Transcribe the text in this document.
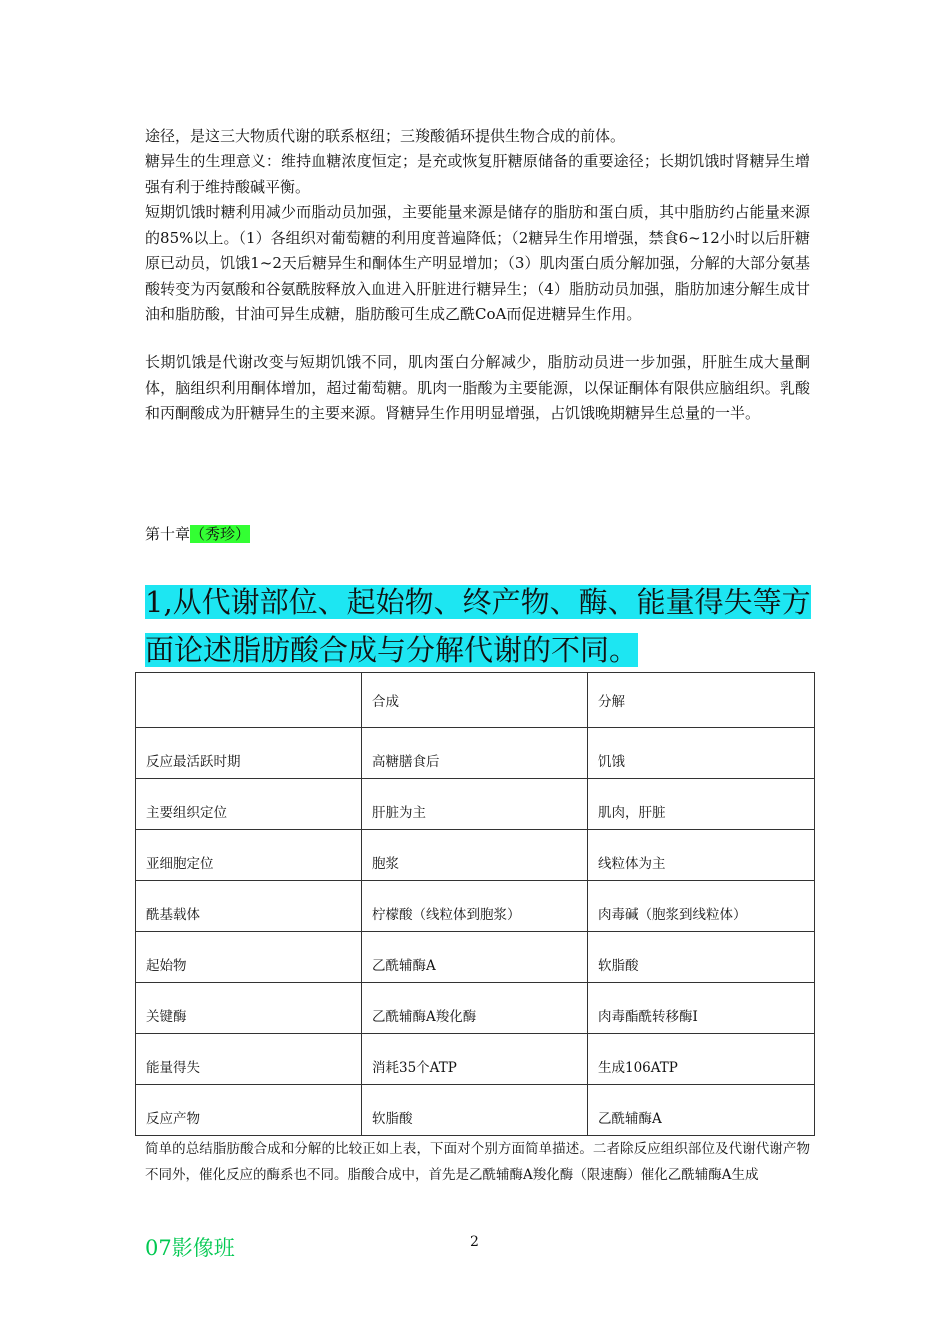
途径，是这三大物质代谢的联系枢纽；三羧酸循环提供生物合成的前体。

糖异生的生理意义：维持血糖浓度恒定；是充或恢复肝糖原储备的重要途径；长期饥饿时肾糖异生增强有利于维持酸碱平衡。

短期饥饿时糖利用减少而脂动员加强，主要能量来源是储存的脂肪和蛋白质，其中脂肪约占能量来源的85%以上。（1）各组织对葡萄糖的利用度普遍降低；（2糖异生作用增强，禁食6~12小时以后肝糖原已动员，饥饿1~2天后糖异生和酮体生产明显增加；（3）肌肉蛋白质分解加强，分解的大部分氨基酸转变为丙氨酸和谷氨酰胺释放入血进入肝脏进行糖异生；（4）脂肪动员加强，脂肪加速分解生成甘油和脂肪酸，甘油可异生成糖，脂肪酸可生成乙酰CoA而促进糖异生作用。

长期饥饿是代谢改变与短期饥饿不同，肌肉蛋白分解减少，脂肪动员进一步加强，肝脏生成大量酮体，脑组织利用酮体增加，超过葡萄糖。肌肉一脂酸为主要能源，以保证酮体有限供应脑组织。乳酸和丙酮酸成为肝糖异生的主要来源。肾糖异生作用明显增强，占饥饿晚期糖异生总量的一半。

第十章（秀珍）
1,从代谢部位、起始物、终产物、酶、能量得失等方面论述脂肪酸合成与分解代谢的不同。
	合成	分解
反应最活跃时期	高糖膳食后	饥饿
主要组织定位	肝脏为主	肌肉，肝脏
亚细胞定位	胞浆	线粒体为主
酰基载体	柠檬酸（线粒体到胞浆）	肉毒碱（胞浆到线粒体）
起始物	乙酰辅酶A	软脂酸
关键酶	乙酰辅酶A羧化酶	肉毒酯酰转移酶I
能量得失	消耗35个ATP	生成106ATP
反应产物	软脂酸	乙酰辅酶A

简单的总结脂肪酸合成和分解的比较正如上表，下面对个别方面简单描述。二者除反应组织部位及代谢代谢产物不同外，催化反应的酶系也不同。脂酸合成中，首先是乙酰辅酶A羧化酶（限速酶）催化乙酰辅酶A生成

07影像班	2
